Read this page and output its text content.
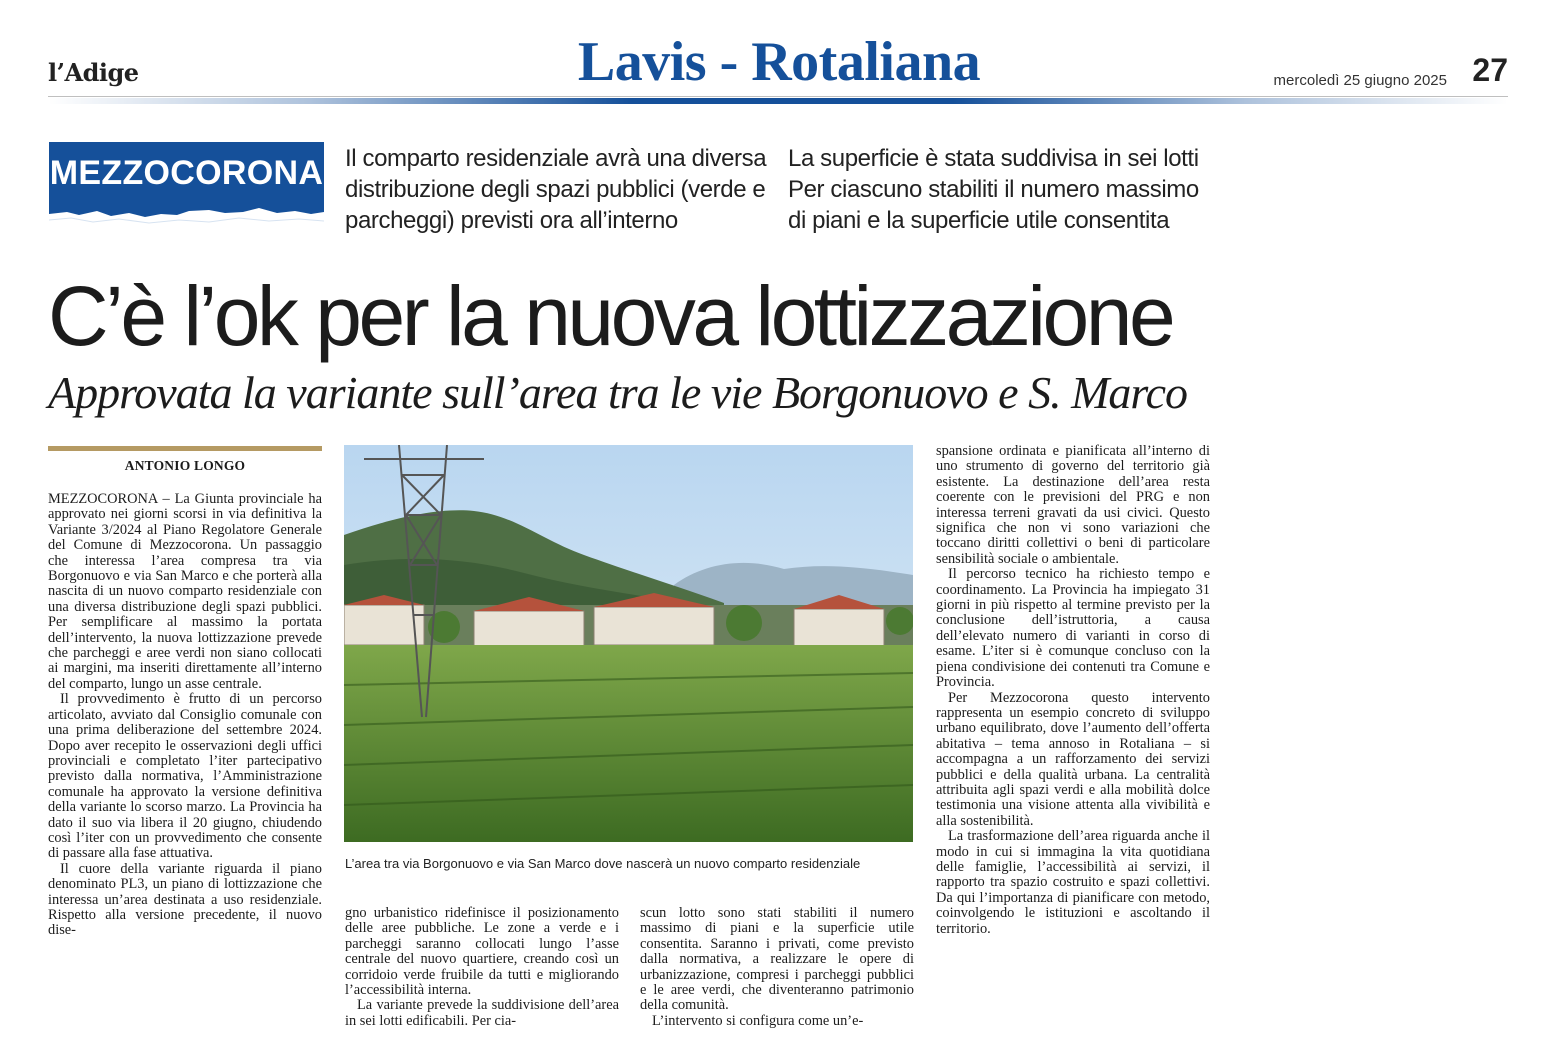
l’Adige	Lavis - Rotaliana	mercoledì 25 giugno 2025 27
MEZZOCORONA Il comparto residenziale avrà una diversa distribuzione degli spazi pubblici (verde e parcheggi) previsti ora all’interno
La superficie è stata suddivisa in sei lotti Per ciascuno stabiliti il numero massimo di piani e la superficie utile consentita
C’è l’ok per la nuova lottizzazione
Approvata la variante sull’area tra le vie Borgonuovo e S. Marco
ANTONIO LONGO

MEZZOCORONA – La Giunta provinciale ha approvato nei giorni scorsi in via definitiva la Variante 3/2024 al Piano Regolatore Generale del Comune di Mezzocorona. Un passaggio che interessa l’area compresa tra via Borgonuovo e via San Marco e che porterà alla nascita di un nuovo comparto residenziale con una diversa distribuzione degli spazi pubblici. Per semplificare al massimo la portata dell’intervento, la nuova lottizzazione prevede che parcheggi e aree verdi non siano collocati ai margini, ma inseriti direttamente all’interno del comparto, lungo un asse centrale.

Il provvedimento è frutto di un percorso articolato, avviato dal Consiglio comunale con una prima deliberazione del settembre 2024. Dopo aver recepito le osservazioni degli uffici provinciali e completato l’iter partecipativo previsto dalla normativa, l’Amministrazione comunale ha approvato la versione definitiva della variante lo scorso marzo. La Provincia ha dato il suo via libera il 20 giugno, chiudendo così l’iter con un provvedimento che consente di passare alla fase attuativa.

Il cuore della variante riguarda il piano denominato PL3, un piano di lottizzazione che interessa un’area destinata a uso residenziale. Rispetto alla versione precedente, il nuovo dise-

L’area tra via Borgonuovo e via San Marco dove nascerà un nuovo comparto residenziale

gno urbanistico ridefinisce il posizionamento delle aree pubbliche. Le zone a verde e i parcheggi saranno collocati lungo l’asse centrale del nuovo quartiere, creando così un corridoio verde fruibile da tutti e migliorando l’accessibilità interna.

La variante prevede la suddivisione dell’area in sei lotti edificabili. Per cia-

scun lotto sono stati stabiliti il numero massimo di piani e la superficie utile consentita. Saranno i privati, come previsto dalla normativa, a realizzare le opere di urbanizzazione, compresi i parcheggi pubblici e le aree verdi, che diventeranno patrimonio della comunità.

L’intervento si configura come un’e-

spansione ordinata e pianificata all’interno di uno strumento di governo del territorio già esistente. La destinazione dell’area resta coerente con le previsioni del PRG e non interessa terreni gravati da usi civici. Questo significa che non vi sono variazioni che toccano diritti collettivi o beni di particolare sensibilità sociale o ambientale.

Il percorso tecnico ha richiesto tempo e coordinamento. La Provincia ha impiegato 31 giorni in più rispetto al termine previsto per la conclusione dell’istruttoria, a causa dell’elevato numero di varianti in corso di esame. L’iter si è comunque concluso con la piena condivisione dei contenuti tra Comune e Provincia.

Per Mezzocorona questo intervento rappresenta un esempio concreto di sviluppo urbano equilibrato, dove l’aumento dell’offerta abitativa – tema annoso in Rotaliana – si accompagna a un rafforzamento dei servizi pubblici e della qualità urbana. La centralità attribuita agli spazi verdi e alla mobilità dolce testimonia una visione attenta alla vivibilità e alla sostenibilità.

La trasformazione dell’area riguarda anche il modo in cui si immagina la vita quotidiana delle famiglie, l’accessibilità ai servizi, il rapporto tra spazio costruito e spazi collettivi. Da qui l’importanza di pianificare con metodo, coinvolgendo le istituzioni e ascoltando il territorio.
